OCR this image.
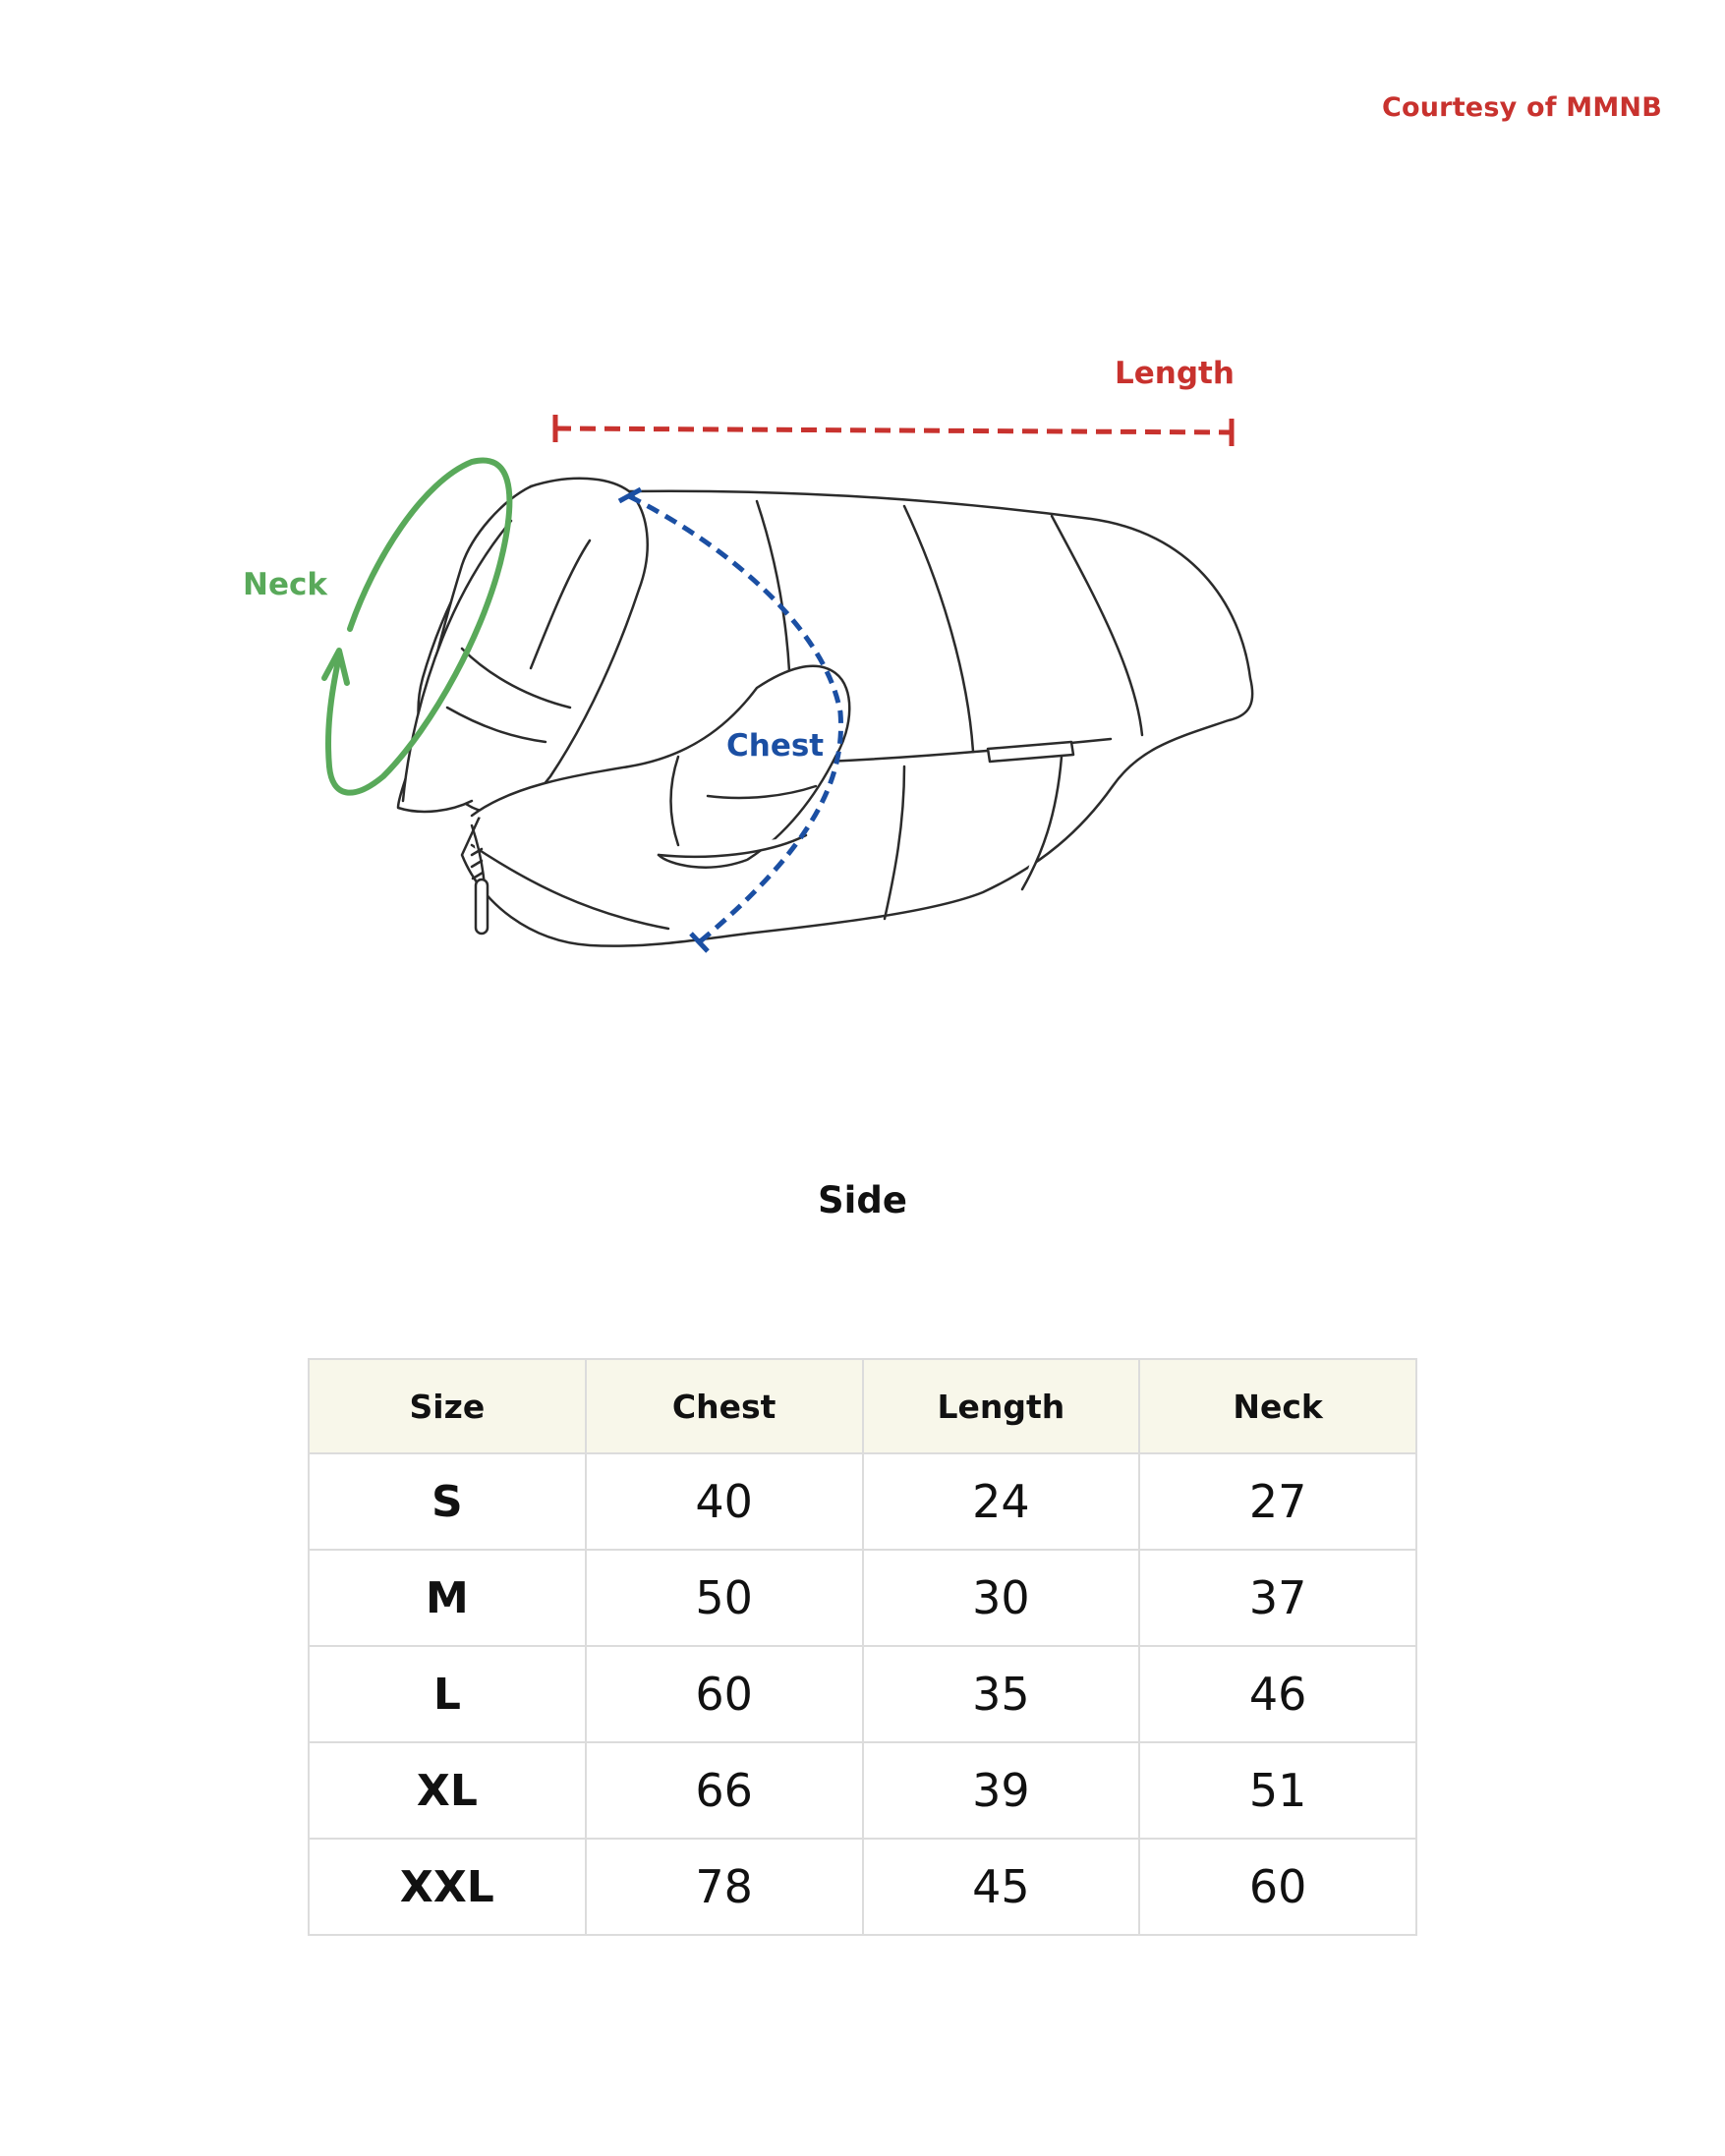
Courtesy of MMNB
Length
Neck
Chest
Side
Size	Chest	Length	Neck
S	40	24	27
M	50	30	37
L	60	35	46
XL	66	39	51
XXL	78	45	60
